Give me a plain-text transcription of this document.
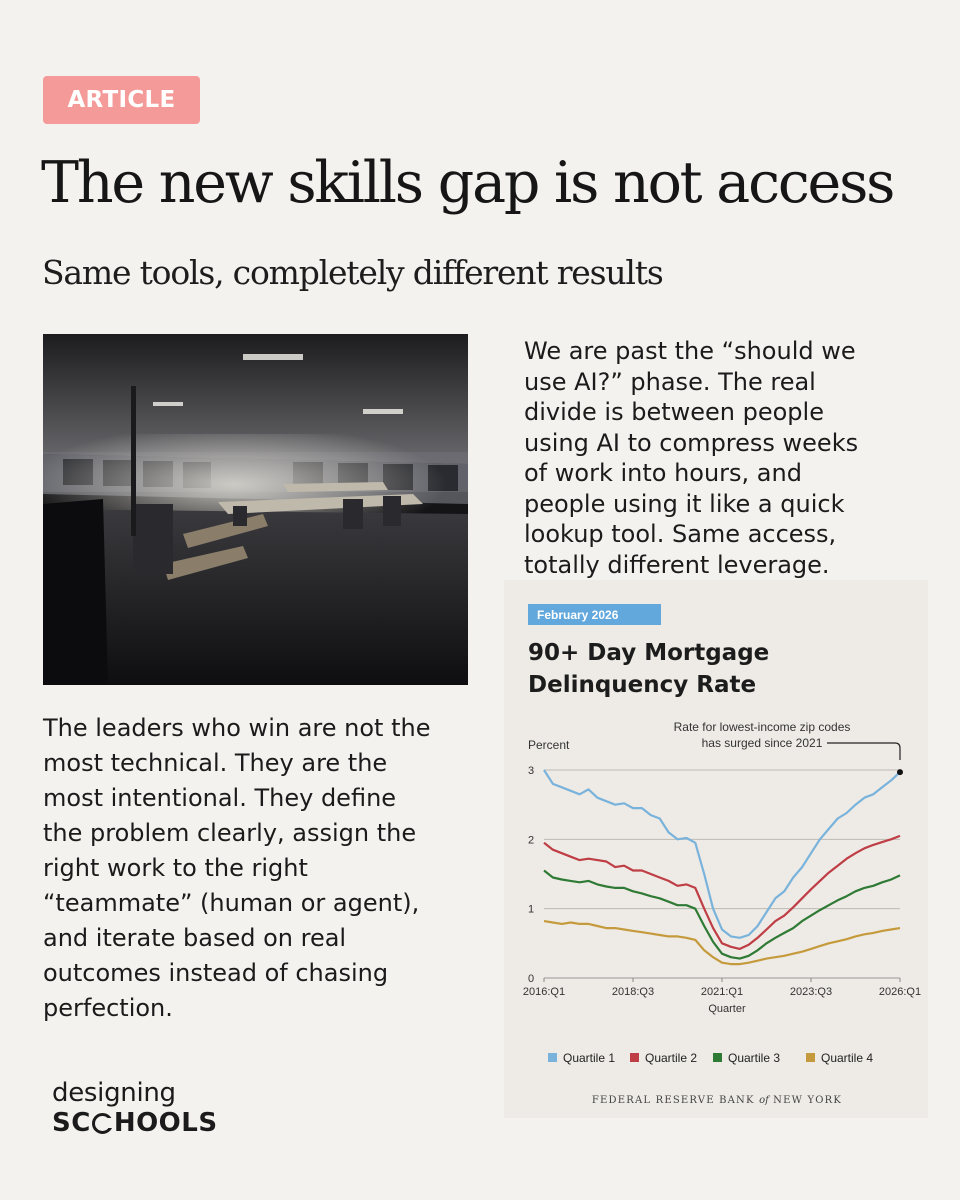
ARTICLE
The new skills gap is not access
Same tools, completely different results
We are past the “should we
use AI?” phase. The real
divide is between people
using AI to compress weeks
of work into hours, and
people using it like a quick
lookup tool. Same access,
totally different leverage.
The leaders who win are not the
most technical. They are the
most intentional. They define
the problem clearly, assign the
right work to the right
“teammate” (human or agent),
and iterate based on real
outcomes instead of chasing
perfection.
February 2026
90+ Day Mortgage
Delinquency Rate
Rate for lowest-income zip codes
has surged since 2021
Percent
0
1
2
3
2016:Q1	2018:Q3	2021:Q1	2023:Q3	2026:Q1
Quarter
Quartile 1 Quartile 2	Quartile 3	Quartile 4
FEDERAL RESERVE BANK of NEW YORK
designing
SC HOOLS
